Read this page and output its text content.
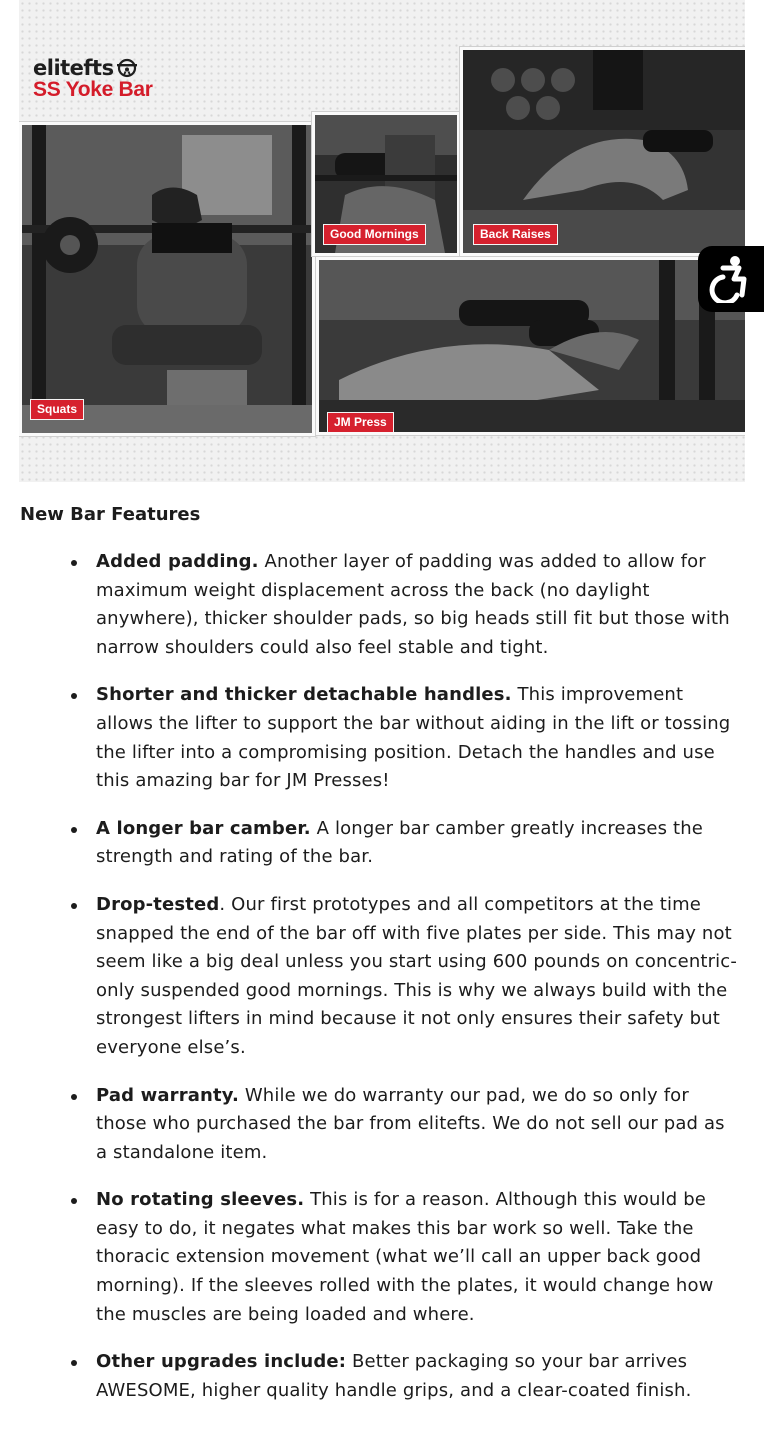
elitefts
SS Yoke Bar
Squats
Good Mornings	Back Raises
JM Press
New Bar Features
Added padding. Another layer of padding was added to allow for maximum weight displacement across the back (no daylight anywhere), thicker shoulder pads, so big heads still fit but those with narrow shoulders could also feel stable and tight.
Shorter and thicker detachable handles. This improvement allows the lifter to support the bar without aiding in the lift or tossing the lifter into a compromising position. Detach the handles and use this amazing bar for JM Presses!
A longer bar camber. A longer bar camber greatly increases the strength and rating of the bar.
Drop-tested. Our first prototypes and all competitors at the time snapped the end of the bar off with five plates per side. This may not seem like a big deal unless you start using 600 pounds on concentric-only suspended good mornings. This is why we always build with the strongest lifters in mind because it not only ensures their safety but everyone else’s.
Pad warranty. While we do warranty our pad, we do so only for those who purchased the bar from elitefts. We do not sell our pad as a standalone item.
No rotating sleeves. This is for a reason. Although this would be easy to do, it negates what makes this bar work so well. Take the thoracic extension movement (what we’ll call an upper back good morning). If the sleeves rolled with the plates, it would change how the muscles are being loaded and where.
Other upgrades include: Better packaging so your bar arrives AWESOME, higher quality handle grips, and a clear-coated finish.
